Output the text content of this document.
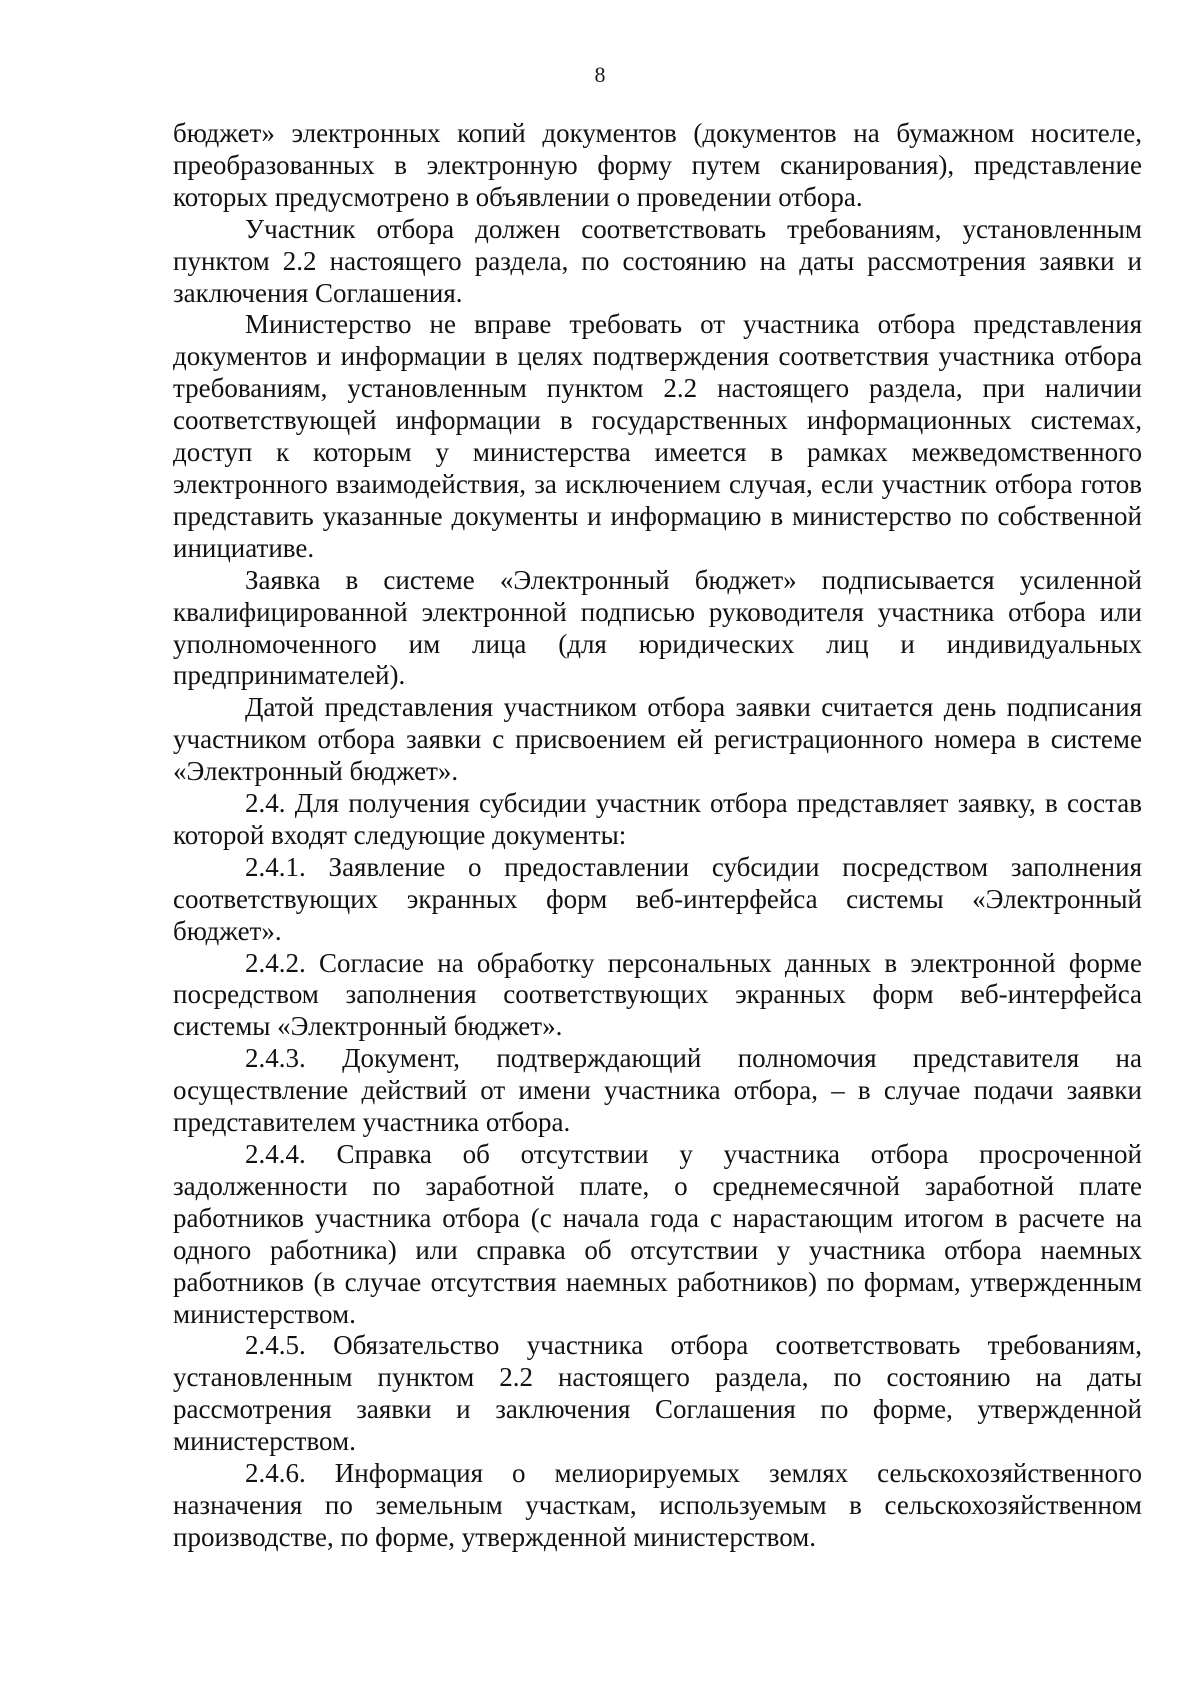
8

бюджет» электронных копий документов (документов на бумажном носителе, преобразованных в электронную форму путем сканирования), представление которых предусмотрено в объявлении о проведении отбора.

Участник отбора должен соответствовать требованиям, установленным пунктом 2.2 настоящего раздела, по состоянию на даты рассмотрения заявки и заключения Соглашения.

Министерство не вправе требовать от участника отбора представления документов и информации в целях подтверждения соответствия участника отбора требованиям, установленным пунктом 2.2 настоящего раздела, при наличии соответствующей информации в государственных информационных системах, доступ к которым у министерства имеется в рамках межведомственного электронного взаимодействия, за исключением случая, если участник отбора готов представить указанные документы и информацию в министерство по собственной инициативе.

Заявка в системе «Электронный бюджет» подписывается усиленной квалифицированной электронной подписью руководителя участника отбора или уполномоченного им лица (для юридических лиц и индивидуальных предпринимателей).

Датой представления участником отбора заявки считается день подписания участником отбора заявки с присвоением ей регистрационного номера в системе «Электронный бюджет».

2.4. Для получения субсидии участник отбора представляет заявку, в состав которой входят следующие документы:

2.4.1. Заявление о предоставлении субсидии посредством заполнения соответствующих экранных форм веб-интерфейса системы «Электронный бюджет».

2.4.2. Согласие на обработку персональных данных в электронной форме посредством заполнения соответствующих экранных форм веб-интерфейса системы «Электронный бюджет».

2.4.3. Документ, подтверждающий полномочия представителя на осуществление действий от имени участника отбора, – в случае подачи заявки представителем участника отбора.

2.4.4. Справка об отсутствии у участника отбора просроченной задолженности по заработной плате, о среднемесячной заработной плате работников участника отбора (с начала года с нарастающим итогом в расчете на одного работника) или справка об отсутствии у участника отбора наемных работников (в случае отсутствия наемных работников) по формам, утвержденным министерством.

2.4.5. Обязательство участника отбора соответствовать требованиям, установленным пунктом 2.2 настоящего раздела, по состоянию на даты рассмотрения заявки и заключения Соглашения по форме, утвержденной министерством.

2.4.6. Информация о мелиорируемых землях сельскохозяйственного назначения по земельным участкам, используемым в сельскохозяйственном производстве, по форме, утвержденной министерством.
